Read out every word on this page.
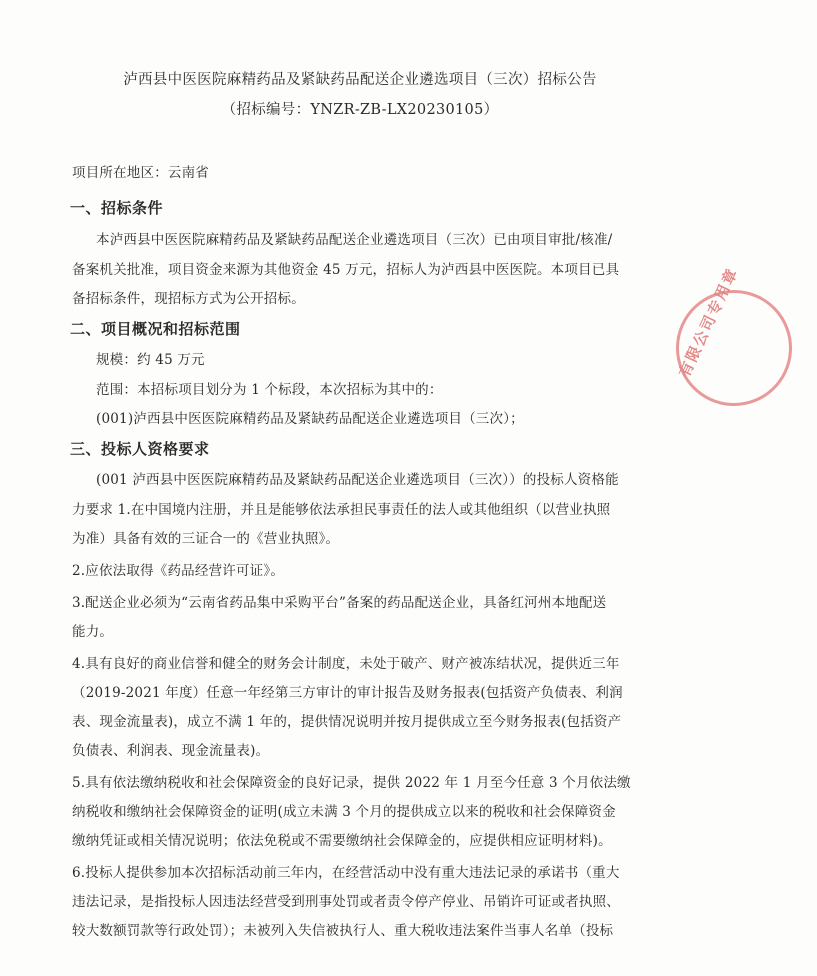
泸西县中医医院麻精药品及紧缺药品配送企业遴选项目（三次）招标公告
（招标编号：YNZR-ZB-LX20230105）
项目所在地区：云南省
一、招标条件
本泸西县中医医院麻精药品及紧缺药品配送企业遴选项目（三次）已由项目审批/核准/
备案机关批准，项目资金来源为其他资金 45 万元，招标人为泸西县中医医院。本项目已具
备招标条件，现招标方式为公开招标。
二、项目概况和招标范围
规模：约 45 万元
范围：本招标项目划分为 1 个标段，本次招标为其中的：
(001)泸西县中医医院麻精药品及紧缺药品配送企业遴选项目（三次）；
三、投标人资格要求
(001 泸西县中医医院麻精药品及紧缺药品配送企业遴选项目（三次））的投标人资格能
力要求 1.在中国境内注册，并且是能够依法承担民事责任的法人或其他组织（以营业执照
为准）具备有效的三证合一的《营业执照》。
2.应依法取得《药品经营许可证》。
3.配送企业必须为“云南省药品集中采购平台”备案的药品配送企业，具备红河州本地配送
能力。
4.具有良好的商业信誉和健全的财务会计制度，未处于破产、财产被冻结状况，提供近三年
（2019-2021 年度）任意一年经第三方审计的审计报告及财务报表(包括资产负债表、利润
表、现金流量表)，成立不满 1 年的，提供情况说明并按月提供成立至今财务报表(包括资产
负债表、利润表、现金流量表)。
5.具有依法缴纳税收和社会保障资金的良好记录，提供 2022 年 1 月至今任意 3 个月依法缴
纳税收和缴纳社会保障资金的证明(成立未满 3 个月的提供成立以来的税收和社会保障资金
缴纳凭证或相关情况说明；依法免税或不需要缴纳社会保障金的，应提供相应证明材料)。
6.投标人提供参加本次招标活动前三年内，在经营活动中没有重大违法记录的承诺书（重大
违法记录，是指投标人因违法经营受到刑事处罚或者责令停产停业、吊销许可证或者执照、
较大数额罚款等行政处罚）；未被列入失信被执行人、重大税收违法案件当事人名单（投标
有限公司专用章
